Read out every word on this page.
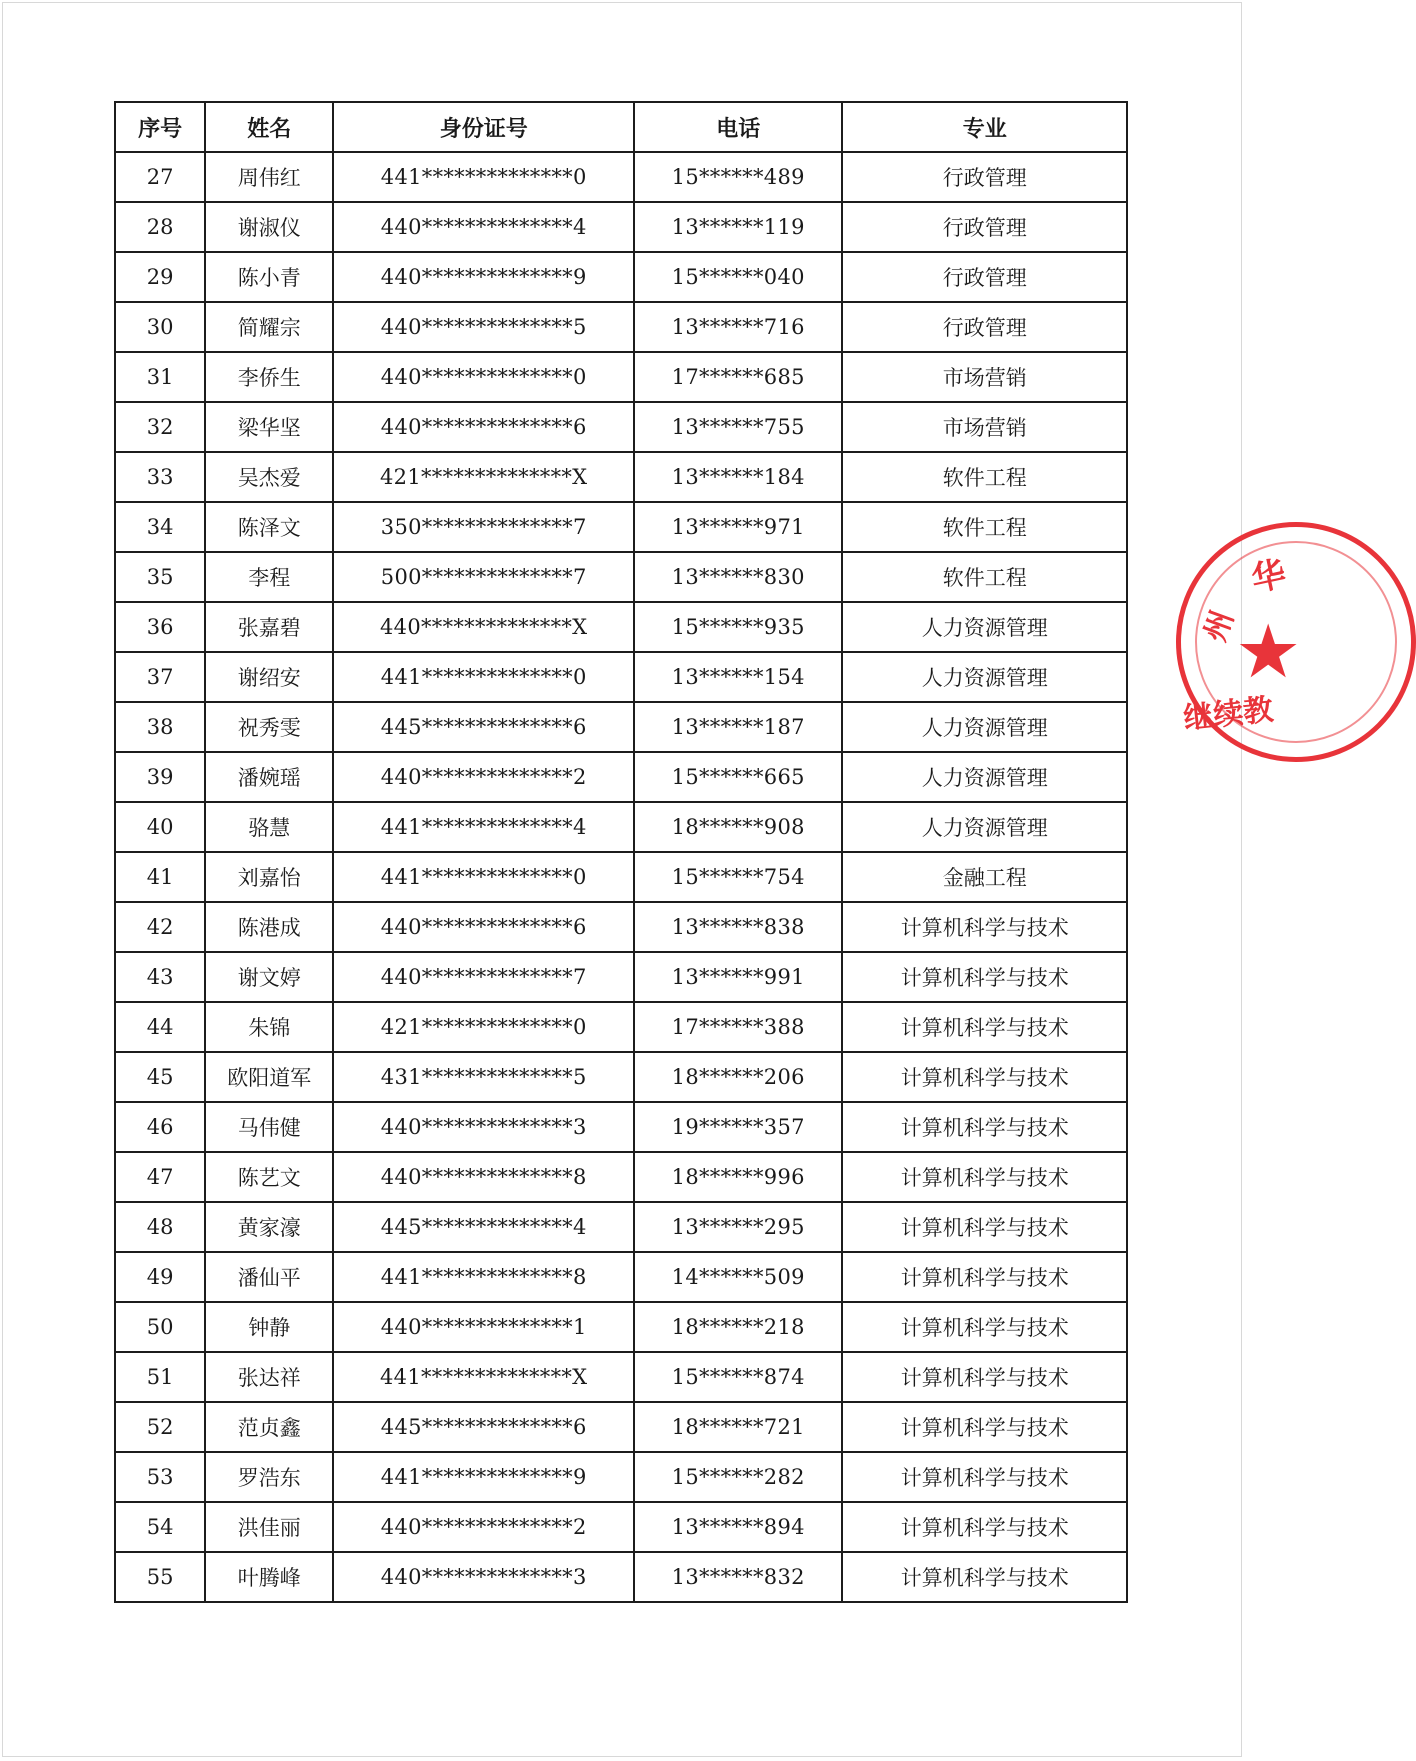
序号	姓名	身份证号	电话	专业
27	周伟红	441**************0	15******489	行政管理
28	谢淑仪	440**************4	13******119	行政管理
29	陈小青	440**************9	15******040	行政管理
30	简耀宗	440**************5	13******716	行政管理
31	李侨生	440**************0	17******685	市场营销
32	梁华坚	440**************6	13******755	市场营销
33	吴杰爱	421**************X	13******184	软件工程
34	陈泽文	350**************7	13******971	软件工程
35	李程	500**************7	13******830	软件工程
36	张嘉碧	440**************X	15******935	人力资源管理
37	谢绍安	441**************0	13******154	人力资源管理
38	祝秀雯	445**************6	13******187	人力资源管理
39	潘婉瑶	440**************2	15******665	人力资源管理
40	骆慧	441**************4	18******908	人力资源管理
41	刘嘉怡	441**************0	15******754	金融工程
42	陈港成	440**************6	13******838	计算机科学与技术
43	谢文婷	440**************7	13******991	计算机科学与技术
44	朱锦	421**************0	17******388	计算机科学与技术
45	欧阳道军	431**************5	18******206	计算机科学与技术
46	马伟健	440**************3	19******357	计算机科学与技术
47	陈艺文	440**************8	18******996	计算机科学与技术
48	黄家濠	445**************4	13******295	计算机科学与技术
49	潘仙平	441**************8	14******509	计算机科学与技术
50	钟静	440**************1	18******218	计算机科学与技术
51	张达祥	441**************X	15******874	计算机科学与技术
52	范贞鑫	445**************6	18******721	计算机科学与技术
53	罗浩东	441**************9	15******282	计算机科学与技术
54	洪佳丽	440**************2	13******894	计算机科学与技术
55	叶腾峰	440**************3	13******832	计算机科学与技术
华
州
★
继续教
